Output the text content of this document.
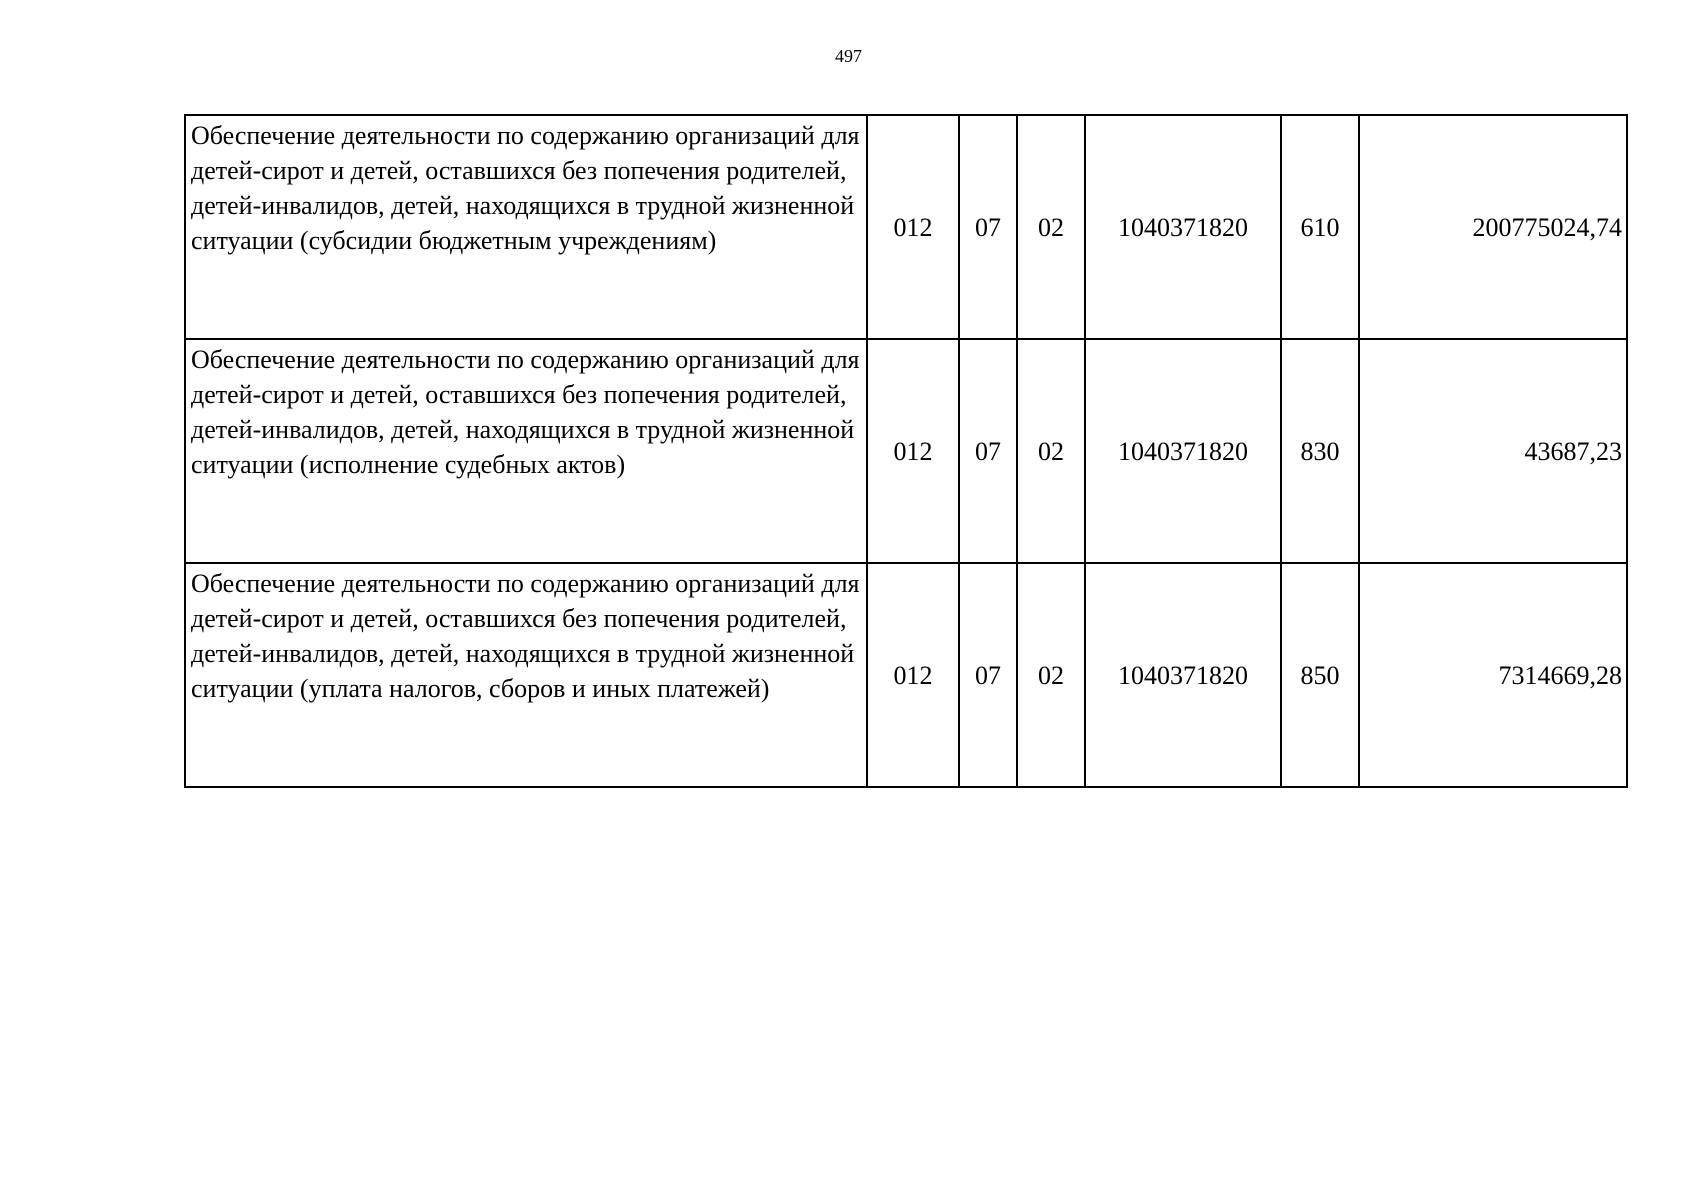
497
Обеспечение деятельности по содержанию организаций для детей-сирот и детей, оставшихся без попечения родителей, детей-инвалидов, детей, находящихся в трудной жизненной ситуации (субсидии бюджетным учреждениям)	012	07	02	1040371820	610	200775024,74
Обеспечение деятельности по содержанию организаций для детей-сирот и детей, оставшихся без попечения родителей, детей-инвалидов, детей, находящихся в трудной жизненной ситуации (исполнение судебных актов)	012	07	02	1040371820	830	43687,23
Обеспечение деятельности по содержанию организаций для детей-сирот и детей, оставшихся без попечения родителей, детей-инвалидов, детей, находящихся в трудной жизненной ситуации (уплата налогов, сборов и иных платежей)	012	07	02	1040371820	850	7314669,28
